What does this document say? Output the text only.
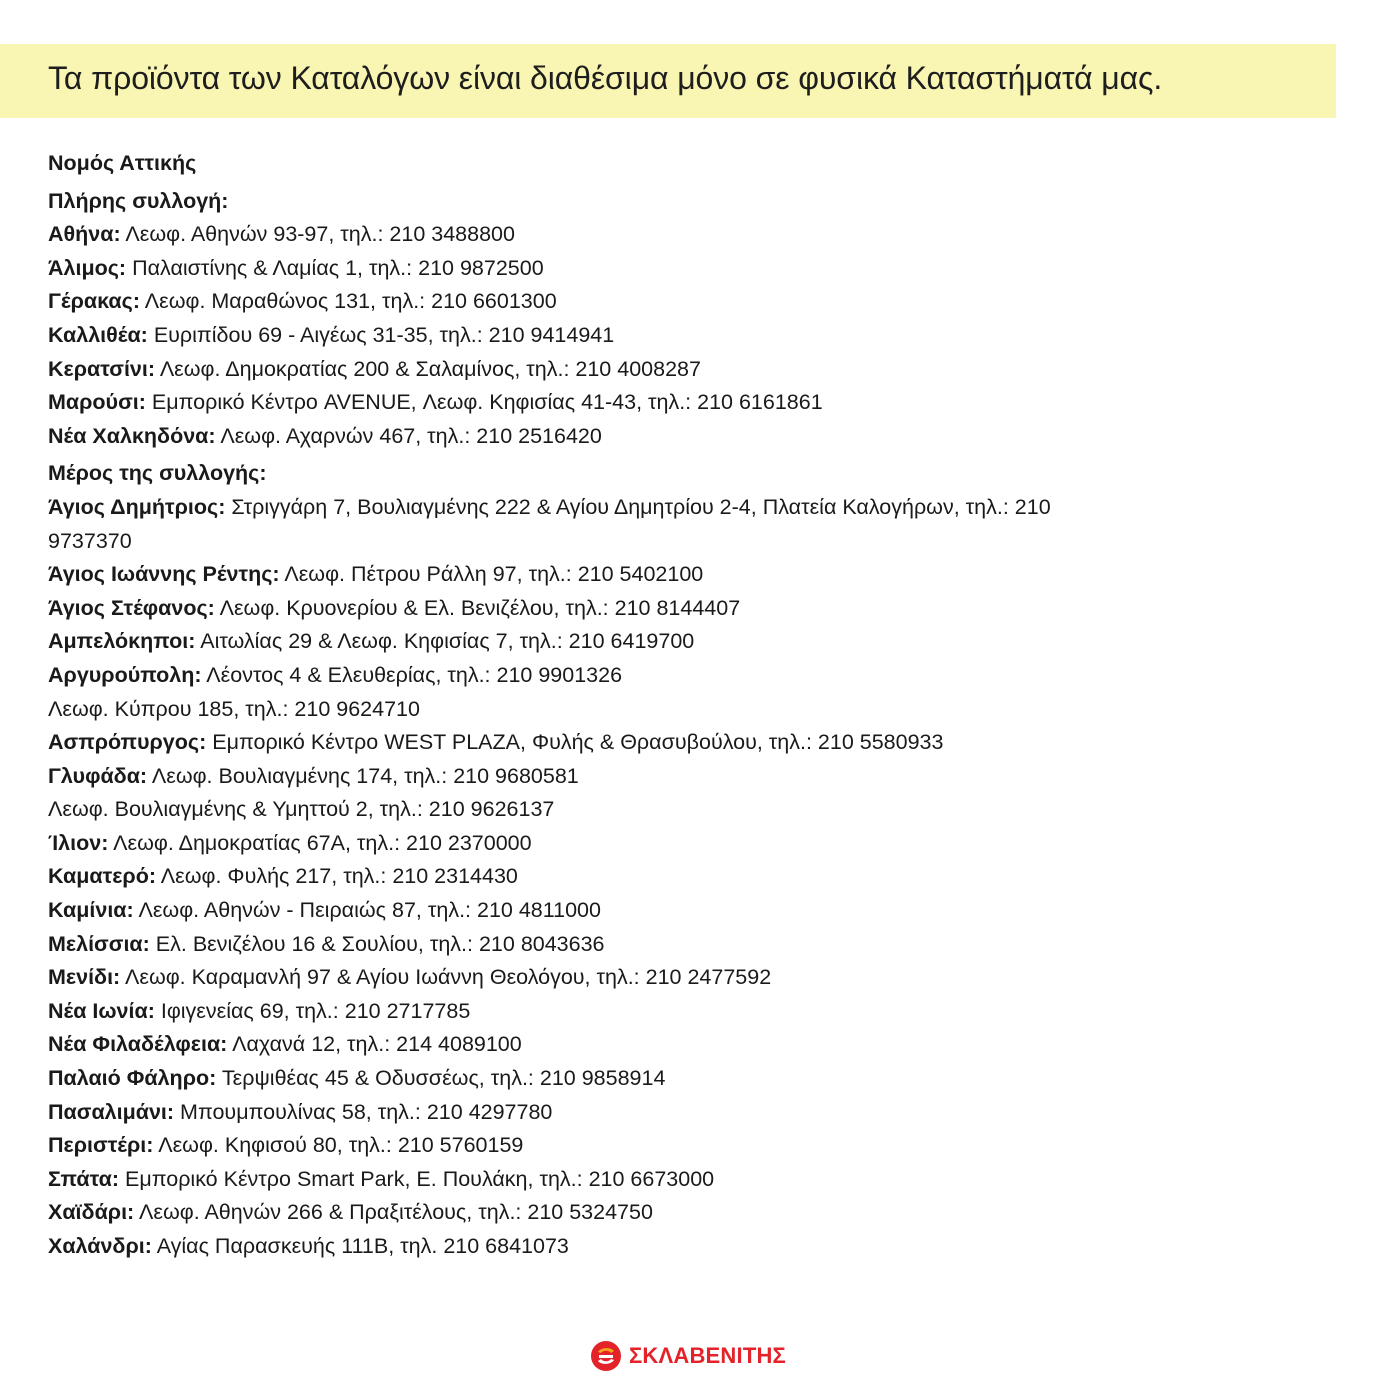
Τα προϊόντα των Καταλόγων είναι διαθέσιμα μόνο σε φυσικά Καταστήματά μας.
Νομός Αττικής
Πλήρης συλλογή:
Αθήνα: Λεωφ. Αθηνών 93-97, τηλ.: 210 3488800
Άλιμος: Παλαιστίνης & Λαμίας 1, τηλ.: 210 9872500
Γέρακας: Λεωφ. Μαραθώνος 131, τηλ.: 210 6601300
Καλλιθέα: Ευριπίδου 69 - Αιγέως 31-35, τηλ.: 210 9414941
Κερατσίνι: Λεωφ. Δημοκρατίας 200 & Σαλαμίνος, τηλ.: 210 4008287
Μαρούσι: Εμπορικό Κέντρο AVENUE, Λεωφ. Κηφισίας 41-43, τηλ.: 210 6161861
Νέα Χαλκηδόνα: Λεωφ. Αχαρνών 467, τηλ.: 210 2516420
Μέρος της συλλογής:
Άγιος Δημήτριος: Στριγγάρη 7, Βουλιαγμένης 222 & Αγίου Δημητρίου 2-4, Πλατεία Καλογήρων, τηλ.: 210 9737370
Άγιος Ιωάννης Ρέντης: Λεωφ. Πέτρου Ράλλη 97, τηλ.: 210 5402100
Άγιος Στέφανος: Λεωφ. Κρυονερίου & Ελ. Βενιζέλου, τηλ.: 210 8144407
Αμπελόκηποι: Αιτωλίας 29 & Λεωφ. Κηφισίας 7, τηλ.: 210 6419700
Αργυρούπολη: Λέοντος 4 & Ελευθερίας, τηλ.: 210 9901326
Λεωφ. Κύπρου 185, τηλ.: 210 9624710
Ασπρόπυργος: Εμπορικό Κέντρο WEST PLAZA, Φυλής & Θρασυβούλου, τηλ.: 210 5580933
Γλυφάδα: Λεωφ. Βουλιαγμένης 174, τηλ.: 210 9680581
Λεωφ. Βουλιαγμένης & Υμηττού 2, τηλ.: 210 9626137
Ίλιον: Λεωφ. Δημοκρατίας 67Α, τηλ.: 210 2370000
Καματερό: Λεωφ. Φυλής 217, τηλ.: 210 2314430
Καμίνια: Λεωφ. Αθηνών - Πειραιώς 87, τηλ.: 210 4811000
Μελίσσια: Ελ. Βενιζέλου 16 & Σουλίου, τηλ.: 210 8043636
Μενίδι: Λεωφ. Καραμανλή 97 & Αγίου Ιωάννη Θεολόγου, τηλ.: 210 2477592
Νέα Ιωνία: Ιφιγενείας 69, τηλ.: 210 2717785
Νέα Φιλαδέλφεια: Λαχανά 12, τηλ.: 214 4089100
Παλαιό Φάληρο: Τερψιθέας 45 & Οδυσσέως, τηλ.: 210 9858914
Πασαλιμάνι: Μπουμπουλίνας 58, τηλ.: 210 4297780
Περιστέρι: Λεωφ. Κηφισού 80, τηλ.: 210 5760159
Σπάτα: Εμπορικό Κέντρο Smart Park, Ε. Πουλάκη, τηλ.: 210 6673000
Χαϊδάρι: Λεωφ. Αθηνών 266 & Πραξιτέλους, τηλ.: 210 5324750
Χαλάνδρι: Αγίας Παρασκευής 111Β, τηλ. 210 6841073
ΣΚΛΑΒΕΝΙΤΗΣ
